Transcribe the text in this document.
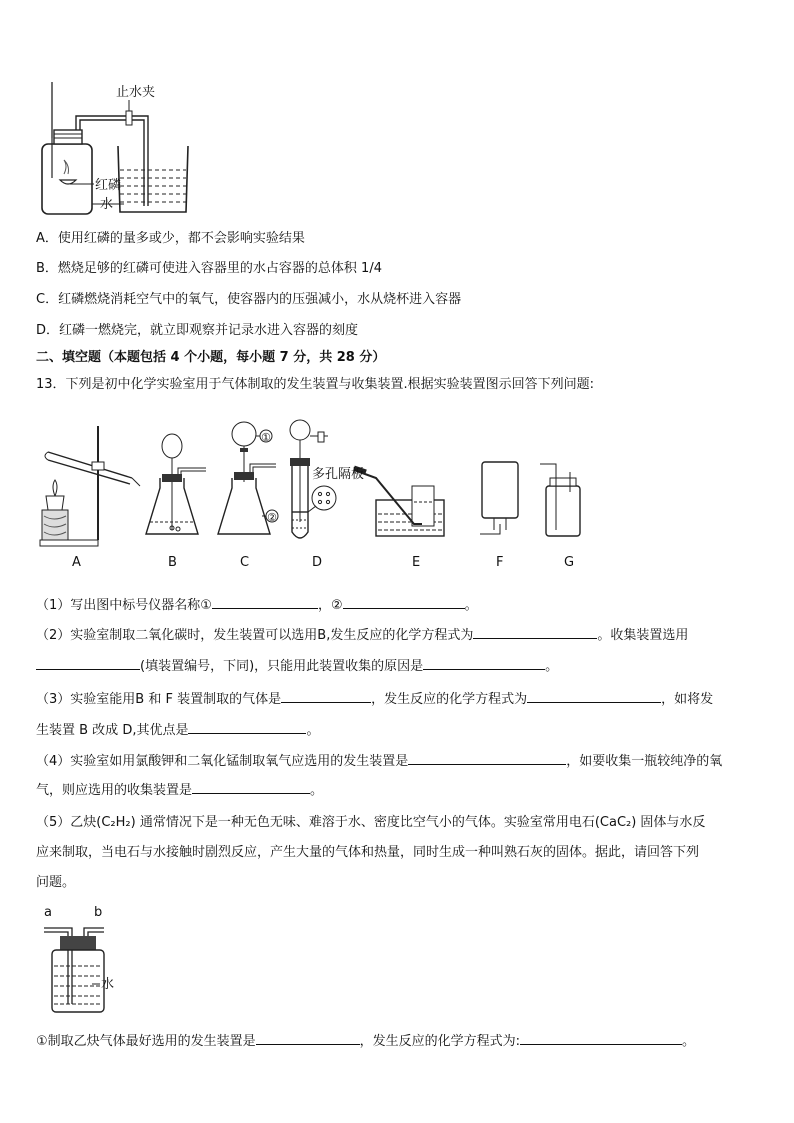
止水夹
红磷
水
A．使用红磷的量多或少，都不会影响实验结果
B．燃烧足够的红磷可使进入容器里的水占容器的总体积 1/4
C．红磷燃烧消耗空气中的氧气，使容器内的压强减小，水从烧杯进入容器
D．红磷一燃烧完，就立即观察并记录水进入容器的刻度
二、填空题（本题包括 4 个小题，每小题 7 分，共 28 分）
13．下列是初中化学实验室用于气体制取的发生装置与收集装置.根据实验装置图示回答下列问题:
A	B	C	D	E	F	G
①
②
多孔隔板
（1）写出图中标号仪器名称①	，②	。
（2）实验室制取二氧化碳时，发生装置可以选用B,发生反应的化学方程式为	。收集装置选用
(填装置编号，下同)，只能用此装置收集的原因是	。
（3）实验室能用B 和 F 装置制取的气体是	，发生反应的化学方程式为	，如将发
生装置 B 改成 D,其优点是	。
（4）实验室如用氯酸钾和二氧化锰制取氧气应选用的发生装置是	，如要收集一瓶较纯净的氧
气，则应选用的收集装置是	。
（5）乙炔(C₂H₂) 通常情况下是一种无色无味、难溶于水、密度比空气小的气体。实验室常用电石(CaC₂) 固体与水反
应来制取，当电石与水接触时剧烈反应，产生大量的气体和热量，同时生成一种叫熟石灰的固体。据此，请回答下列
问题。
a	b
水
①制取乙炔气体最好选用的发生装置是	，发生反应的化学方程式为:	。
